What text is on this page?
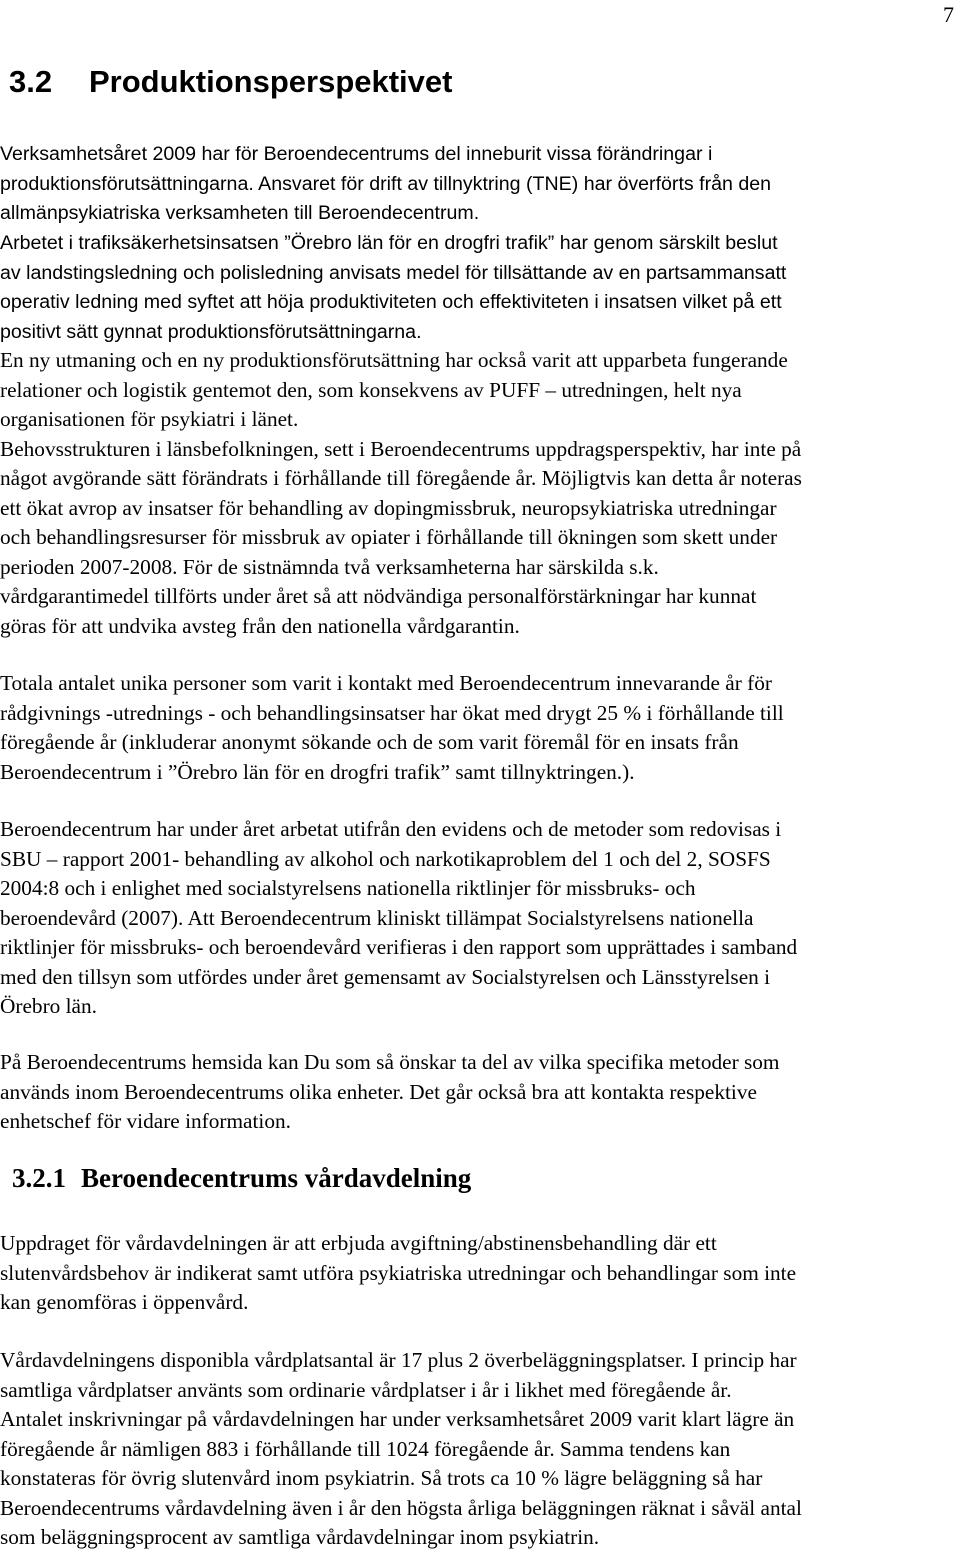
7
3.2 Produktionsperspektivet
Verksamhetsåret 2009 har för Beroendecentrums del inneburit vissa förändringar i
produktionsförutsättningarna. Ansvaret för drift av tillnyktring (TNE) har överförts från den
allmänpsykiatriska verksamheten till Beroendecentrum.
Arbetet i trafiksäkerhetsinsatsen ”Örebro län för en drogfri trafik” har genom särskilt beslut
av landstingsledning och polisledning anvisats medel för tillsättande av en partsammansatt
operativ ledning med syftet att höja produktiviteten och effektiviteten i insatsen vilket på ett
positivt sätt gynnat produktionsförutsättningarna.
En ny utmaning och en ny produktionsförutsättning har också varit att upparbeta fungerande
relationer och logistik gentemot den, som konsekvens av PUFF – utredningen, helt nya
organisationen för psykiatri i länet.
Behovsstrukturen i länsbefolkningen, sett i Beroendecentrums uppdragsperspektiv, har inte på
något avgörande sätt förändrats i förhållande till föregående år. Möjligtvis kan detta år noteras
ett ökat avrop av insatser för behandling av dopingmissbruk, neuropsykiatriska utredningar
och behandlingsresurser för missbruk av opiater i förhållande till ökningen som skett under
perioden 2007-2008. För de sistnämnda två verksamheterna har särskilda s.k.
vårdgarantimedel tillförts under året så att nödvändiga personalförstärkningar har kunnat
göras för att undvika avsteg från den nationella vårdgarantin.
Totala antalet unika personer som varit i kontakt med Beroendecentrum innevarande år för
rådgivnings -utrednings - och behandlingsinsatser har ökat med drygt 25 % i förhållande till
föregående år (inkluderar anonymt sökande och de som varit föremål för en insats från
Beroendecentrum i ”Örebro län för en drogfri trafik” samt tillnyktringen.).
Beroendecentrum har under året arbetat utifrån den evidens och de metoder som redovisas i
SBU – rapport 2001- behandling av alkohol och narkotikaproblem del 1 och del 2, SOSFS
2004:8 och i enlighet med socialstyrelsens nationella riktlinjer för missbruks- och
beroendevård (2007). Att Beroendecentrum kliniskt tillämpat Socialstyrelsens nationella
riktlinjer för missbruks- och beroendevård verifieras i den rapport som upprättades i samband
med den tillsyn som utfördes under året gemensamt av Socialstyrelsen och Länsstyrelsen i
Örebro län.
På Beroendecentrums hemsida kan Du som så önskar ta del av vilka specifika metoder som
används inom Beroendecentrums olika enheter. Det går också bra att kontakta respektive
enhetschef för vidare information.
3.2.1 Beroendecentrums vårdavdelning
Uppdraget för vårdavdelningen är att erbjuda avgiftning/abstinensbehandling där ett
slutenvårdsbehov är indikerat samt utföra psykiatriska utredningar och behandlingar som inte
kan genomföras i öppenvård.
Vårdavdelningens disponibla vårdplatsantal är 17 plus 2 överbeläggningsplatser. I princip har
samtliga vårdplatser använts som ordinarie vårdplatser i år i likhet med föregående år.
Antalet inskrivningar på vårdavdelningen har under verksamhetsåret 2009 varit klart lägre än
föregående år nämligen 883 i förhållande till 1024 föregående år. Samma tendens kan
konstateras för övrig slutenvård inom psykiatrin. Så trots ca 10 % lägre beläggning så har
Beroendecentrums vårdavdelning även i år den högsta årliga beläggningen räknat i såväl antal
som beläggningsprocent av samtliga vårdavdelningar inom psykiatrin.
